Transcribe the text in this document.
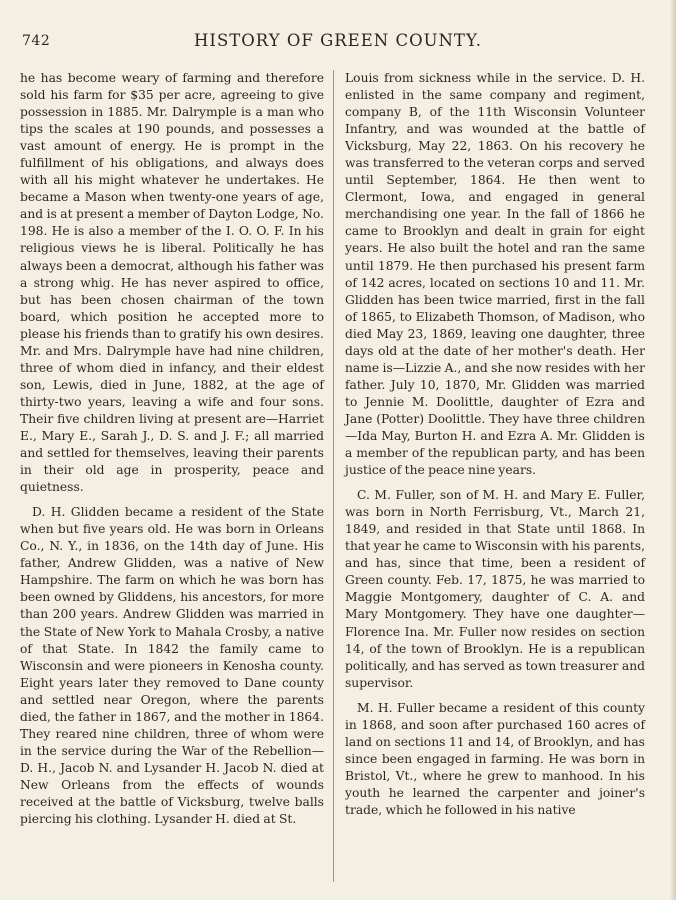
742	HISTORY OF GREEN COUNTY.

he has become weary of farming and therefore sold his farm for $35 per acre, agreeing to give possession in 1885. Mr. Dalrymple is a man who tips the scales at 190 pounds, and possesses a vast amount of energy. He is prompt in the fulfillment of his obligations, and always does with all his might whatever he undertakes. He became a Mason when twenty-one years of age, and is at present a member of Dayton Lodge, No. 198. He is also a member of the I. O. O. F. In his religious views he is liberal. Politically he has always been a democrat, although his father was a strong whig. He has never aspired to office, but has been chosen chairman of the town board, which position he accepted more to please his friends than to gratify his own desires. Mr. and Mrs. Dalrymple have had nine children, three of whom died in infancy, and their eldest son, Lewis, died in June, 1882, at the age of thirty-two years, leaving a wife and four sons. Their five children living at present are—Harriet E., Mary E., Sarah J., D. S. and J. F.; all married and settled for themselves, leaving their parents in their old age in prosperity, peace and quietness.

D. H. Glidden became a resident of the State when but five years old. He was born in Orleans Co., N. Y., in 1836, on the 14th day of June. His father, Andrew Glidden, was a native of New Hampshire. The farm on which he was born has been owned by Gliddens, his ancestors, for more than 200 years. Andrew Glidden was married in the State of New York to Mahala Crosby, a native of that State. In 1842 the family came to Wisconsin and were pioneers in Kenosha county. Eight years later they removed to Dane county and settled near Oregon, where the parents died, the father in 1867, and the mother in 1864. They reared nine children, three of whom were in the service during the War of the Rebellion—D. H., Jacob N. and Lysander H. Jacob N. died at New Orleans from the effects of wounds received at the battle of Vicksburg, twelve balls piercing his clothing. Lysander H. died at St.

Louis from sickness while in the service. D. H. enlisted in the same company and regiment, company B, of the 11th Wisconsin Volunteer Infantry, and was wounded at the battle of Vicksburg, May 22, 1863. On his recovery he was transferred to the veteran corps and served until September, 1864. He then went to Clermont, Iowa, and engaged in general merchandising one year. In the fall of 1866 he came to Brooklyn and dealt in grain for eight years. He also built the hotel and ran the same until 1879. He then purchased his present farm of 142 acres, located on sections 10 and 11. Mr. Glidden has been twice married, first in the fall of 1865, to Elizabeth Thomson, of Madison, who died May 23, 1869, leaving one daughter, three days old at the date of her mother's death. Her name is—Lizzie A., and she now resides with her father. July 10, 1870, Mr. Glidden was married to Jennie M. Doolittle, daughter of Ezra and Jane (Potter) Doolittle. They have three children—Ida May, Burton H. and Ezra A. Mr. Glidden is a member of the republican party, and has been justice of the peace nine years.

C. M. Fuller, son of M. H. and Mary E. Fuller, was born in North Ferrisburg, Vt., March 21, 1849, and resided in that State until 1868. In that year he came to Wisconsin with his parents, and has, since that time, been a resident of Green county. Feb. 17, 1875, he was married to Maggie Montgomery, daughter of C. A. and Mary Montgomery. They have one daughter—Florence Ina. Mr. Fuller now resides on section 14, of the town of Brooklyn. He is a republican politically, and has served as town treasurer and supervisor.

M. H. Fuller became a resident of this county in 1868, and soon after purchased 160 acres of land on sections 11 and 14, of Brooklyn, and has since been engaged in farming. He was born in Bristol, Vt., where he grew to manhood. In his youth he learned the carpenter and joiner's trade, which he followed in his native
